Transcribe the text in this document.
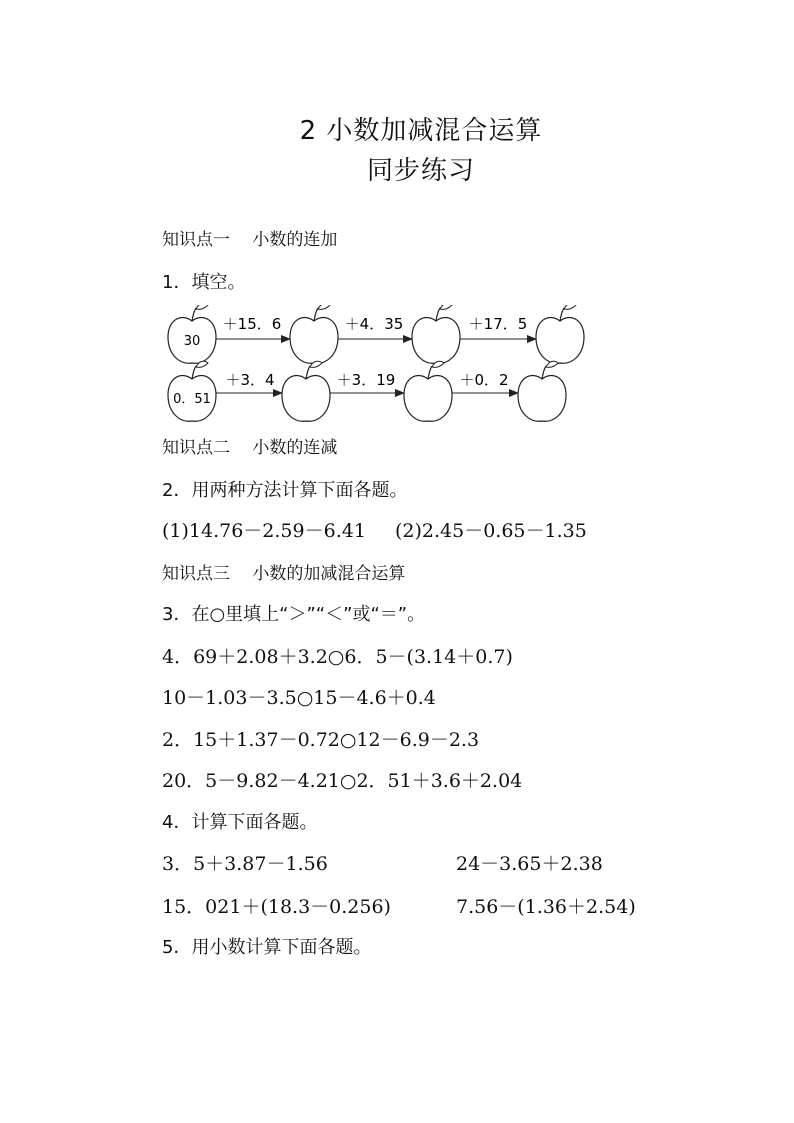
2 小数加减混合运算
同步练习
知识点一　 小数的连加
1．填空。
30
＋15．6	＋4．35	＋17．5
0．51
＋3．4	＋3．19	＋0．2
知识点二　 小数的连减
2．用两种方法计算下面各题。
(1)14.76－2.59－6.41 (2)2.45－0.65－1.35
知识点三　 小数的加减混合运算
3．在○里填上“＞”“＜”或“＝”。
4．69＋2.08＋3.2○6．5－(3.14＋0.7)
10－1.03－3.5○15－4.6＋0.4
2．15＋1.37－0.72○12－6.9－2.3
20．5－9.82－4.21○2．51＋3.6＋2.04
4．计算下面各题。
3．5＋3.87－1.56	24－3.65＋2.38
15．021＋(18.3－0.256)	7.56－(1.36＋2.54)
5．用小数计算下面各题。
